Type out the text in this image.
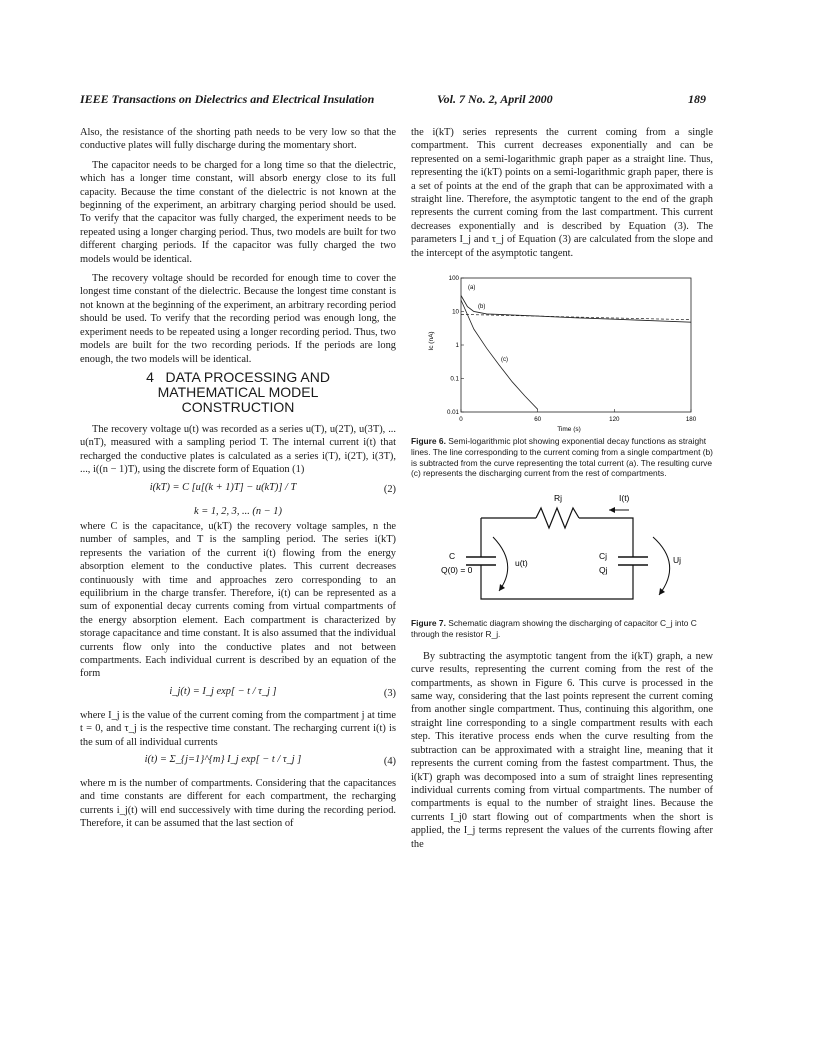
IEEE Transactions on Dielectrics and Electrical Insulation	Vol. 7 No. 2, April 2000	189

Also, the resistance of the shorting path needs to be very low so that the conductive plates will fully discharge during the momentary short.

The capacitor needs to be charged for a long time so that the dielectric, which has a longer time constant, will absorb energy close to its full capacity. Because the time constant of the dielectric is not known at the beginning of the experiment, an arbitrary charging period should be used. To verify that the capacitor was fully charged, the experiment needs to be repeated using a longer charging period. Thus, two models are built for two different charging periods. If the capacitor was fully charged the two models would be identical.

The recovery voltage should be recorded for enough time to cover the longest time constant of the dielectric. Because the longest time constant is not known at the beginning of the experiment, an arbitrary recording period should be used. To verify that the recording period was enough long, the experiment needs to be repeated using a longer recording period. Thus, two models are built for the two recording periods. If the periods are long enough, the two models will be identical.

4 DATA PROCESSING AND
MATHEMATICAL MODEL
CONSTRUCTION

The recovery voltage u(t) was recorded as a series u(T), u(2T), u(3T), ... u(nT), measured with a sampling period T. The internal current i(t) that recharged the conductive plates is calculated as a series i(T), i(2T), i(3T), ..., i((n − 1)T), using the discrete form of Equation (1)

i(kT) = C [u[(k + 1)T] − u(kT)] / T	(2)
k = 1, 2, 3, ... (n − 1)

where C is the capacitance, u(kT) the recovery voltage samples, n the number of samples, and T is the sampling period. The series i(kT) represents the variation of the current i(t) flowing from the energy absorption element to the conductive plates. This current decreases continuously with time and approaches zero corresponding to an equilibrium in the charge transfer. Therefore, i(t) can be represented as a sum of exponential decay currents coming from virtual compartments of the energy absorption element. Each compartment is characterized by storage capacitance and time constant. It is also assumed that the individual currents flow only into the conductive plates and not between compartments. Each individual current is described by an equation of the form

i_j(t) = I_j exp[ − t / τ_j ]	(3)

where I_j is the value of the current coming from the compartment j at time t = 0, and τ_j is the respective time constant. The recharging current i(t) is the sum of all individual currents

i(t) = Σ_{j=1}^{m} I_j exp[ − t / τ_j ]	(4)

where m is the number of compartments. Considering that the capacitances and time constants are different for each compartment, the recharging currents i_j(t) will end successively with time during the recording period. Therefore, it can be assumed that the last section of

the i(kT) series represents the current coming from a single compartment. This current decreases exponentially and can be represented on a semi-logarithmic graph paper as a straight line. Thus, representing the i(kT) points on a semi-logarithmic graph paper, there is a set of points at the end of the graph that can be approximated with a straight line. Therefore, the asymptotic tangent to the end of the graph represents the current coming from the last compartment. This current decreases exponentially and is described by Equation (3). The parameters I_j and τ_j of Equation (3) are calculated from the slope and the intercept of the asymptotic tangent.

100
10
1
0.1
0.01
0	60	120	180
Ic (nA)
Time (s)
(a)
(b)
(c)

Figure 6. Semi-logarithmic plot showing exponential decay functions as straight lines. The line corresponding to the current coming from a single compartment (b) is subtracted from the curve representing the total current (a). The resulting curve (c) represents the discharging current from the rest of compartments.

Rj	I(t)
C
Q(0) = 0
u(t)
Cj
Qj
Uj

Figure 7. Schematic diagram showing the discharging of capacitor C_j into C through the resistor R_j.

By subtracting the asymptotic tangent from the i(kT) graph, a new curve results, representing the current coming from the rest of the compartments, as shown in Figure 6. This curve is processed in the same way, considering that the last points represent the current coming from another single compartment. Thus, continuing this algorithm, one straight line corresponding to a single compartment results with each step. This iterative process ends when the curve resulting from the subtraction can be approximated with a straight line, meaning that it represents the current coming from the fastest compartment. Thus, the i(kT) graph was decomposed into a sum of straight lines representing individual currents coming from virtual compartments. The number of compartments is equal to the number of straight lines. Because the currents I_j0 start flowing out of compartments when the short is applied, the I_j terms represent the values of the currents flowing after the
